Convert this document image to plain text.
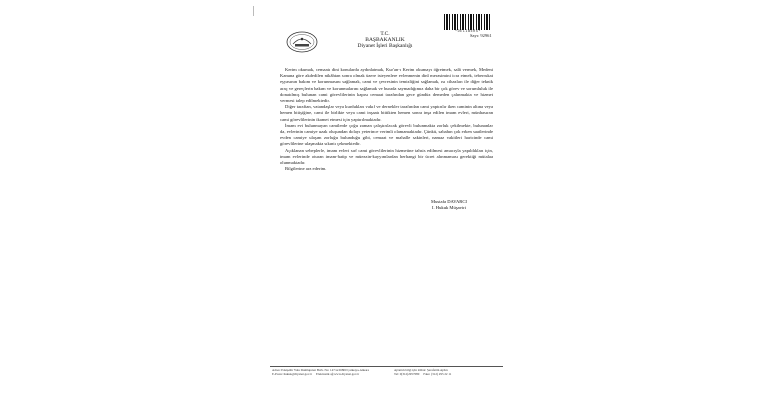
*DELIBERS*
Sayı: 92961
T.C.
BAŞBAKANLIK
Diyanet İşleri Başkanlığı

Kerim okumak, cemaatı dini konularda aydınlatmak, Kur'an-ı Kerim okumayı öğretmek, salâ vermek, Medeni Kanuna göre akdedilen nikâhtan sonra olmak üzere isteyenlere evlenmenin dinî merasimini icra etmek, teberrukat eşyasının bakım ve korunmasını sağlamak, cami ve çevresinin temizliğini sağlamak, ısı cihazları ile diğer teknik araç ve gereçlerin bakım ve korunmalarını sağlamak ve burada saymadığımız daha bir çok görev ve sorumluluk ile donatılmış bulunan cami görevlilerinin kapısı cemaat tarafından gece gündüz demeden çalınmakta ve hizmet vermesi talep edilmektedir.

Diğer taraftan, vatandaşlar veya kurdukları vakıf ve dernekler tarafından cami yaptırılır iken caminin altına veya hemen bitişiğine, cami ile birlikte veya cami inşaatı bittikten hemen sonra inşa edilen imam evleri, münhasıran cami görevlilerinin ikamet etmesi için yaptırılmaktadır.

İmam evi bulunmayan camilerde çoğu zaman çalıştırılacak görevli bulunmakta zorluk çekilmekte, bulunanlar da, evlerinin camiye uzak oluşundan dolayı yeterince verimli olamamaktadır. Çünkü, sabahın çok erken saatlerinde evden camiye ulaşım zorluğu bulunduğu gibi, cemaat ve mahalle sakinleri, namaz vakitleri haricinde cami görevlilerine ulaşmakta sıkıntı çekmektedir.

Açıklanan sebeplerle, imam evleri sırf cami görevlilerinin hizmetine tahsis edilmesi amacıyla yapıldıkları için, imam evlerinde oturan imam-hatip ve müezzin-kayyımlardan herhangi bir ücret alınmaması gerektiği mütalaa olunmaktadır.

Bilgilerine arz ederim.

Mustafa DAVARCI
I. Hukuk Müşaviri
Adres: Eskişehir Yolu Dumlupınar Bulv. No: 147/A 06800 Çankaya-Ankara
E-Posta: hukuk@diyanet.gov.tr Elektronik ağ:www.diyanet.gov.tr
Ayrıntılı bilgi için irtibat: Şerafettin Aydın
Tel: 0(312)2957080 Faks: (312) 295 22 11
